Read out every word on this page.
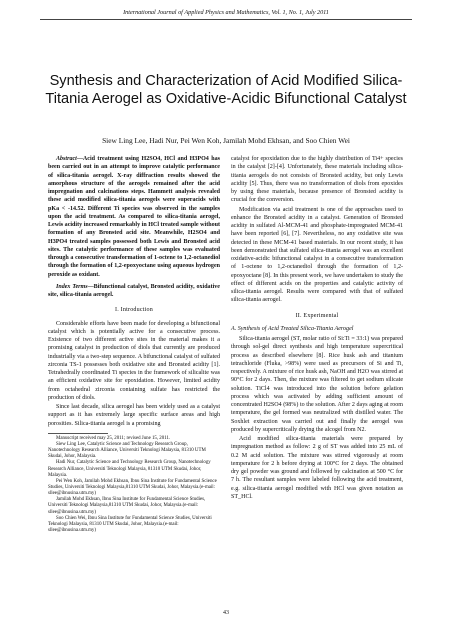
International Journal of Applied Physics and Mathematics, Vol. 1, No. 1, July 2011
Synthesis and Characterization of Acid Modified Silica-Titania Aerogel as Oxidative-Acidic Bifunctional Catalyst
Siew Ling Lee, Hadi Nur, Pei Wen Koh, Jamilah Mohd Ekhsan, and Soo Chien Wei

Abstract—Acid treatment using H2SO4, HCl and H3PO4 has been carried out in an attempt to improve catalytic performance of silica-titania aerogel. X-ray diffraction results showed the amorphous structure of the aerogels remained after the acid impregnation and calcinations steps. Hammett analysis revealed these acid modified silica-titania aerogels were superacids with pKa < -14.52. Different Ti species was observed in the samples upon the acid treatment. As compared to silica-titania aerogel, Lewis acidity increased remarkably in HCl treated sample without formation of any Bronsted acid site. Meanwhile, H2SO4 and H3PO4 treated samples possessed both Lewis and Bronsted acid sites. The catalytic performance of these samples was evaluated through a consecutive transformation of 1-octene to 1,2-octanediol through the formation of 1,2-epoxyoctane using aqueous hydrogen peroxide as oxidant.

Index Terms—Bifunctional catalyst, Bronsted acidity, oxidative site, silica-titania aerogel.

I. Introduction

Considerable efforts have been made for developing a bifunctional catalyst which is potentially active for a consecutive process. Existence of two different active sites in the material makes it a promising catalyst in production of diols that currently are produced industrially via a two-step sequence. A bifunctional catalyst of sulfated zirconia TS-1 possesses both oxidative site and Bronsted acidity [1]. Tetrahedrally coordinated Ti species in the framework of silicalite was an efficient oxidative site for epoxidation. However, limited acidity from octahedral zirconia containing sulfate has restricted the production of diols.

Since last decade, silica aerogel has been widely used as a catalyst support as it has extremely large specific surface areas and high porosities. Silica-titania aerogel is a promising

Manuscript received may 25, 2011; revised June 15, 2011.

Siew Ling Lee, Catalytic Science and Technology Research Group, Nanotechnology Research Alliance, Universiti Teknologi Malaysia, 81310 UTM Skudai, Johor, Malaysia.

Hadi Nur, Catalytic Science and Technology Research Group, Nanotechnology Research Alliance, Universiti Teknologi Malaysia, 81310 UTM Skudai, Johor, Malaysia.

Pei Wen Koh, Jamilah Mohd Ekhsan, Ibnu Sina Institute for Fundamental Science Studies, Universiti Teknologi Malaysia,81310 UTM Skudai, Johor, Malaysia.(e-mail: sllee@ibnusina.utm.my)

Jamilah Mohd Ekhsan, Ibnu Sina Institute for Fundamental Science Studies, Universiti Teknologi Malaysia,81310 UTM Skudai, Johor, Malaysia.(e-mail: sllee@ibnusina.utm.my)

Soo Chien Wei, Ibnu Sina Institute for Fundamental Science Studies, Universiti Teknologi Malaysia, 81310 UTM Skudai, Johor, Malaysia.(e-mail: sllee@ibnusina.utm.my)

catalyst for epoxidation due to the highly distribution of Ti4+ species in the catalyst [2]-[4]. Unfortunately, these materials including silica-titania aerogels do not consists of Bronsted acidity, but only Lewis acidity [5]. Thus, there was no transformation of diols from epoxides by using these materials, because presence of Bronsted acidity is crucial for the conversion.

Modification via acid treatment is one of the approaches used to enhance the Bronsted acidity in a catalyst. Generation of Bronsted acidity in sulfated Al-MCM-41 and phosphate-impregnated MCM-41 have been reported [6], [7]. Nevertheless, no any oxidative site was detected in these MCM-41 based materials. In our recent study, it has been demonstrated that sulfated silica-titania aerogel was an excellent oxidative-acidic bifunctional catalyst in a consecutive transformation of 1-octene to 1,2-octanediol through the formation of 1,2-epoxyoctane [8]. In this present work, we have undertaken to study the effect of different acids on the properties and catalytic activity of silica-titania aerogel. Results were compared with that of sulfated silica-titania aerogel.

II. Experimental

A. Synthesis of Acid Treated Silica-Titania Aerogel

Silica-titania aerogel (ST, molar ratio of Si:Ti = 33:1) was prepared through sol-gel direct synthesis and high temperature supercritical process as described elsewhere [8]. Rice husk ash and titanium tetrachloride (Fluka, >98%) were used as precursors of Si and Ti, respectively. A mixture of rice husk ash, NaOH and H2O was stirred at 90°C for 2 days. Then, the mixture was filtered to get sodium silicate solution. TiCl4 was introduced into the solution before gelation process which was activated by adding sufficient amount of concentrated H2SO4 (98%) to the solution. After 2 days aging at room temperature, the gel formed was neutralized with distilled water. The Soxhlet extraction was carried out and finally the aerogel was produced by supercritically drying the alcogel from N2.

Acid modified silica-titania materials were prepared by impregnation method as follow: 2 g of ST was added into 25 mL of 0.2 M acid solution. The mixture was stirred vigorously at room temperature for 2 h before drying at 100°C for 2 days. The obtained dry gel powder was ground and followed by calcination at 500 °C for 7 h. The resultant samples were labeled following the acid treatment, e.g. silica-titania aerogel modified with HCl was given notation as ST_HCl.

43
